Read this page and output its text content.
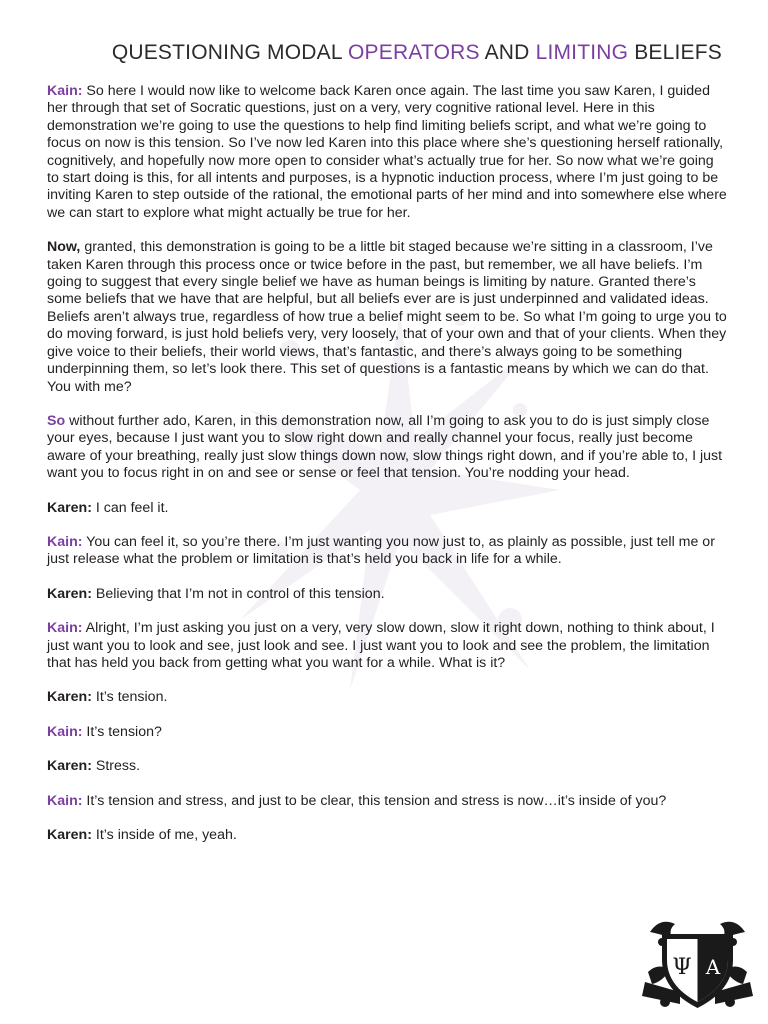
QUESTIONING MODAL OPERATORS AND LIMITING BELIEFS

Kain: So here I would now like to welcome back Karen once again. The last time you saw Karen, I guided her through that set of Socratic questions, just on a very, very cognitive rational level. Here in this demonstration we’re going to use the questions to help find limiting beliefs script, and what we’re going to focus on now is this tension. So I’ve now led Karen into this place where she’s questioning herself rationally, cognitively, and hopefully now more open to consider what’s actually true for her. So now what we’re going to start doing is this, for all intents and purposes, is a hypnotic induction process, where I’m just going to be inviting Karen to step outside of the rational, the emotional parts of her mind and into somewhere else where we can start to explore what might actually be true for her.

Now, granted, this demonstration is going to be a little bit staged because we’re sitting in a classroom, I’ve taken Karen through this process once or twice before in the past, but remember, we all have beliefs. I’m going to suggest that every single belief we have as human beings is limiting by nature. Granted there’s some beliefs that we have that are helpful, but all beliefs ever are is just underpinned and validated ideas. Beliefs aren’t always true, regardless of how true a belief might seem to be. So what I’m going to urge you to do moving forward, is just hold beliefs very, very loosely, that of your own and that of your clients. When they give voice to their beliefs, their world views, that’s fantastic, and there’s always going to be something underpinning them, so let’s look there. This set of questions is a fantastic means by which we can do that. You with me?

So without further ado, Karen, in this demonstration now, all I’m going to ask you to do is just simply close your eyes, because I just want you to slow right down and really channel your focus, really just become aware of your breathing, really just slow things down now, slow things right down, and if you’re able to, I just want you to focus right in on and see or sense or feel that tension. You’re nodding your head.

Karen: I can feel it.

Kain: You can feel it, so you’re there. I’m just wanting you now just to, as plainly as possible, just tell me or just release what the problem or limitation is that’s held you back in life for a while.

Karen: Believing that I’m not in control of this tension.

Kain: Alright, I’m just asking you just on a very, very slow down, slow it right down, nothing to think about, I just want you to look and see, just look and see. I just want you to look and see the problem, the limitation that has held you back from getting what you want for a while. What is it?

Karen: It’s tension.

Kain: It’s tension?

Karen: Stress.

Kain: It’s tension and stress, and just to be clear, this tension and stress is now…it’s inside of you?

Karen: It’s inside of me, yeah.

Ψ A
